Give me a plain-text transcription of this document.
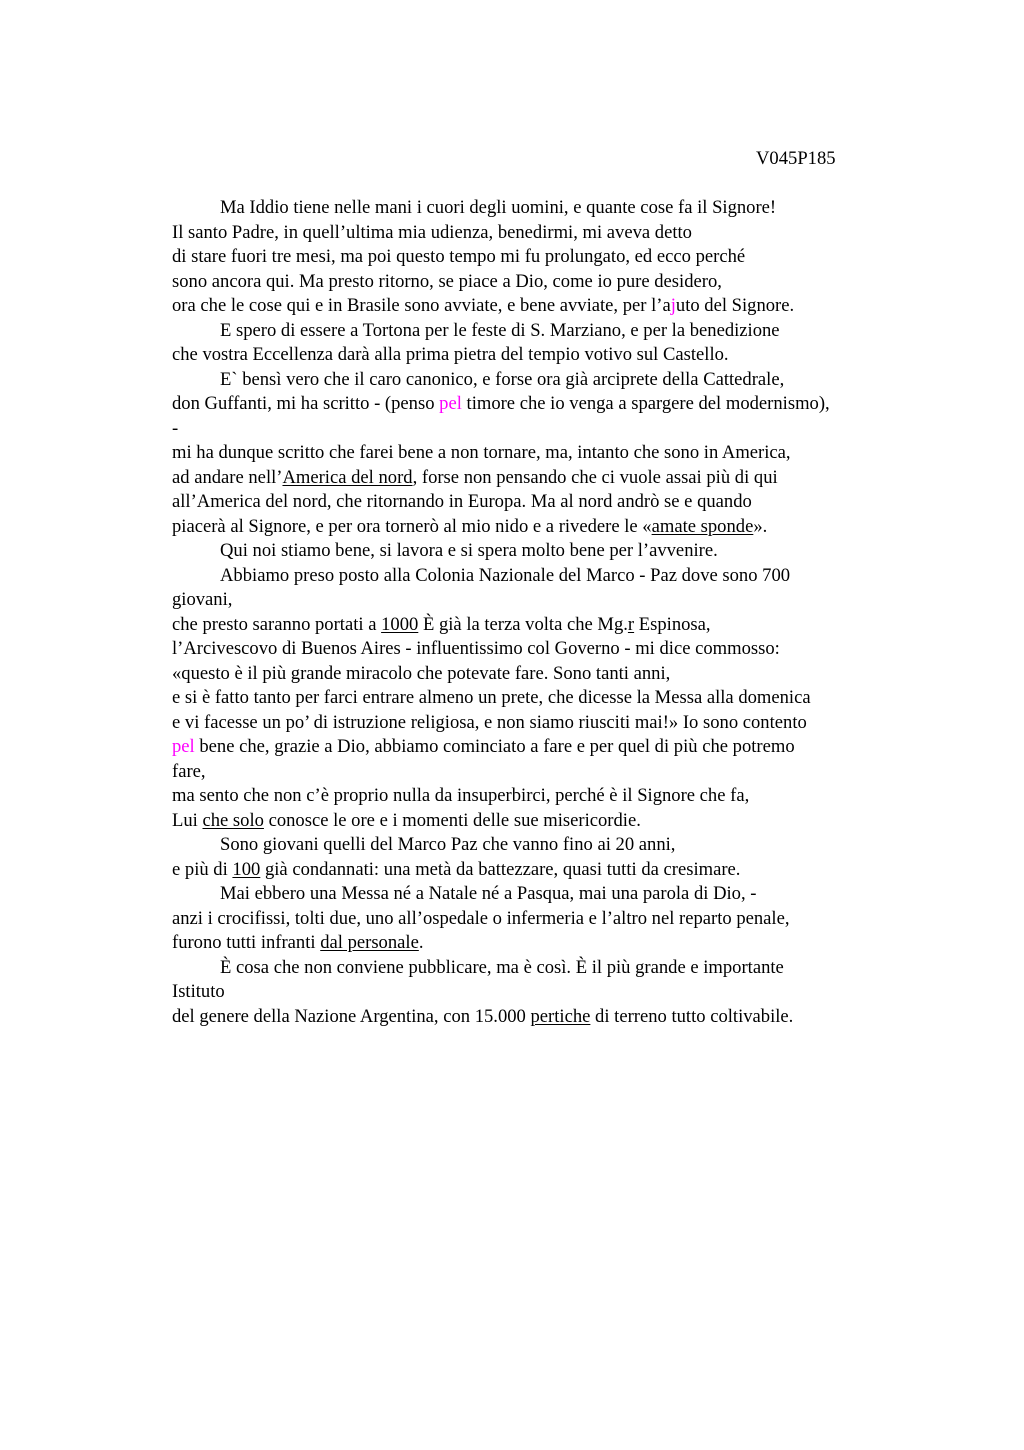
V045P185

Ma Iddio tiene nelle mani i cuori degli uomini, e quante cose fa il Signore!
Il santo Padre, in quell’ultima mia udienza, benedirmi, mi aveva detto
di stare fuori tre mesi, ma poi questo tempo mi fu prolungato, ed ecco perché
sono ancora qui. Ma presto ritorno, se piace a Dio, come io pure desidero,
ora che le cose qui e in Brasile sono avviate, e bene avviate, per l’ajuto del Signore.
E spero di essere a Tortona per le feste di S. Marziano, e per la benedizione
che vostra Eccellenza darà alla prima pietra del tempio votivo sul Castello.
E` bensì vero che il caro canonico, e forse ora già arciprete della Cattedrale,
don Guffanti, mi ha scritto - (penso pel timore che io venga a spargere del modernismo),
-
mi ha dunque scritto che farei bene a non tornare, ma, intanto che sono in America,
ad andare nell’America del nord, forse non pensando che ci vuole assai più di qui
all’America del nord, che ritornando in Europa. Ma al nord andrò se e quando
piacerà al Signore, e per ora tornerò al mio nido e a rivedere le «amate sponde».
Qui noi stiamo bene, si lavora e si spera molto bene per l’avvenire.
Abbiamo preso posto alla Colonia Nazionale del Marco - Paz dove sono 700
giovani,
che presto saranno portati a 1000 È già la terza volta che Mg.r Espinosa,
l’Arcivescovo di Buenos Aires - influentissimo col Governo - mi dice commosso:
«questo è il più grande miracolo che potevate fare. Sono tanti anni,
e si è fatto tanto per farci entrare almeno un prete, che dicesse la Messa alla domenica
e vi facesse un po’ di istruzione religiosa, e non siamo riusciti mai!» Io sono contento
pel bene che, grazie a Dio, abbiamo cominciato a fare e per quel di più che potremo
fare,
ma sento che non c’è proprio nulla da insuperbirci, perché è il Signore che fa,
Lui che solo conosce le ore e i momenti delle sue misericordie.
Sono giovani quelli del Marco Paz che vanno fino ai 20 anni,
e più di 100 già condannati: una metà da battezzare, quasi tutti da cresimare.
Mai ebbero una Messa né a Natale né a Pasqua, mai una parola di Dio, -
anzi i crocifissi, tolti due, uno all’ospedale o infermeria e l’altro nel reparto penale,
furono tutti infranti dal personale.
È cosa che non conviene pubblicare, ma è così. È il più grande e importante
Istituto
del genere della Nazione Argentina, con 15.000 pertiche di terreno tutto coltivabile.
